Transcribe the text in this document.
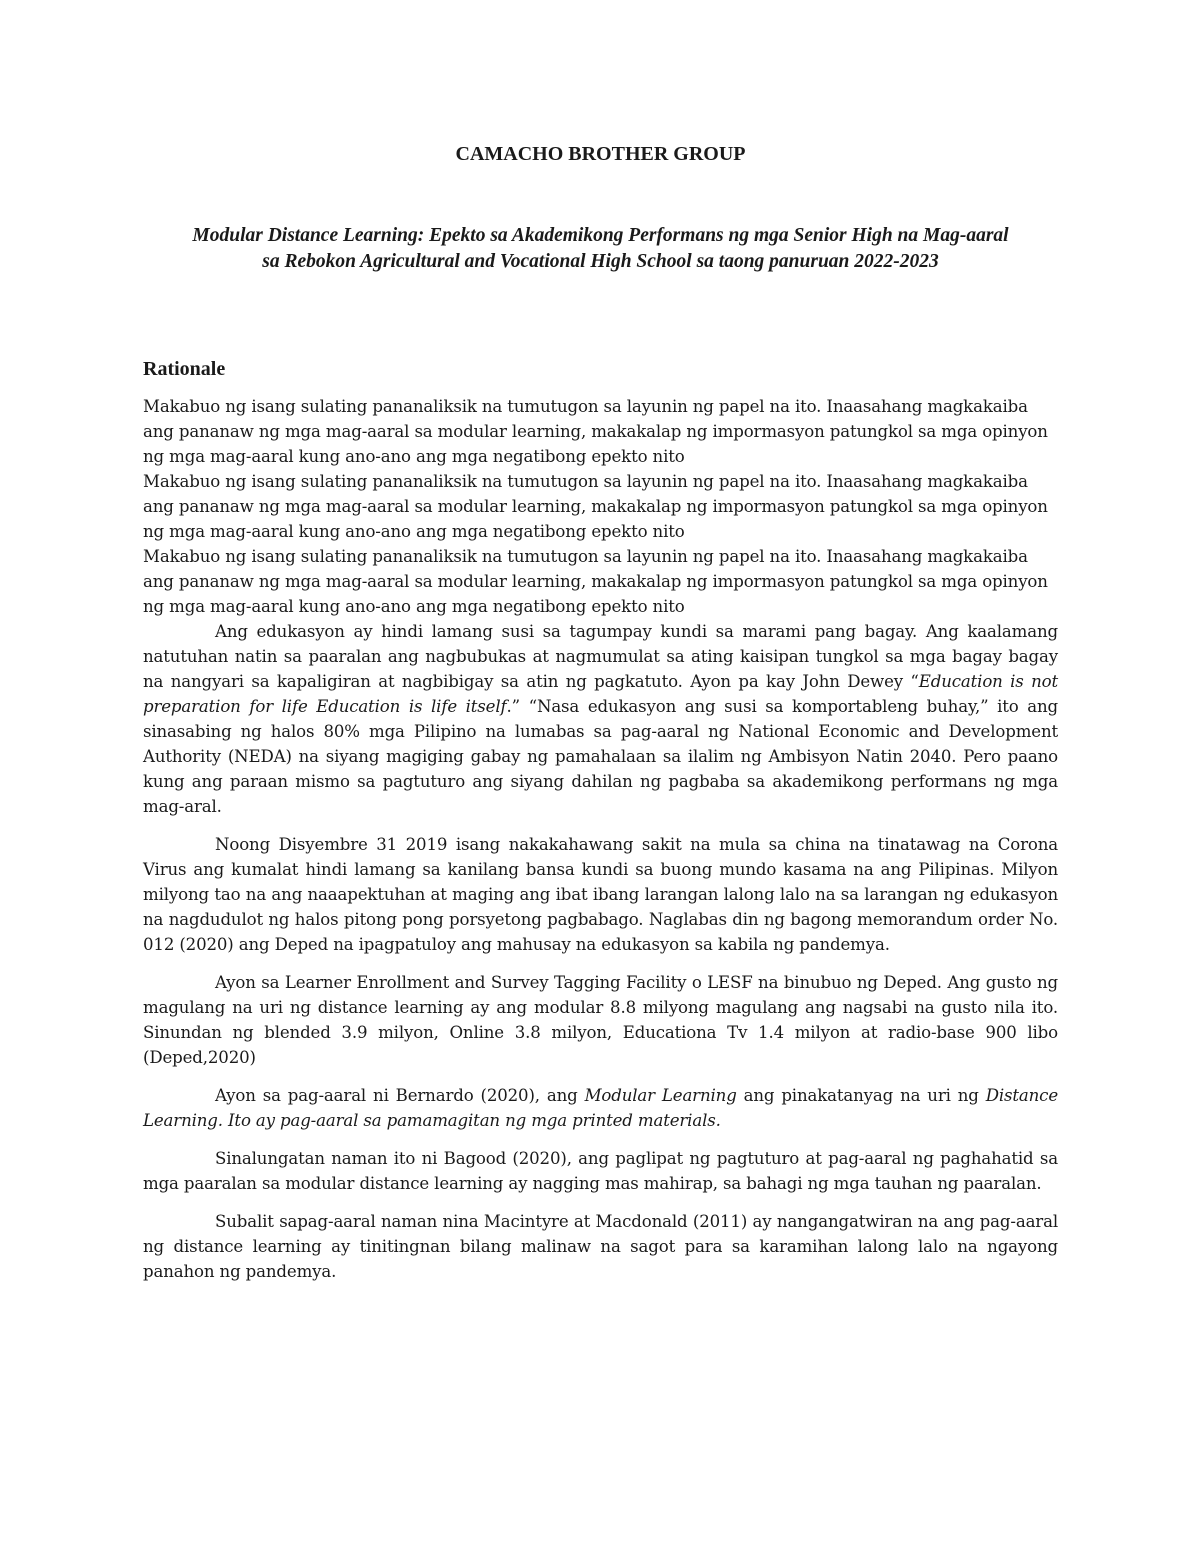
CAMACHO BROTHER GROUP
Modular Distance Learning: Epekto sa Akademikong Performans ng mga Senior High na Mag-aaral
sa Rebokon Agricultural and Vocational High School sa taong panuruan 2022-2023
Rationale

Makabuo ng isang sulating pananaliksik na tumutugon sa layunin ng papel na ito. Inaasahang magkakaiba ang pananaw ng mga mag-aaral sa modular learning, makakalap ng impormasyon patungkol sa mga opinyon ng mga mag-aaral kung ano-ano ang mga negatibong epekto nito

Makabuo ng isang sulating pananaliksik na tumutugon sa layunin ng papel na ito. Inaasahang magkakaiba ang pananaw ng mga mag-aaral sa modular learning, makakalap ng impormasyon patungkol sa mga opinyon ng mga mag-aaral kung ano-ano ang mga negatibong epekto nito

Makabuo ng isang sulating pananaliksik na tumutugon sa layunin ng papel na ito. Inaasahang magkakaiba ang pananaw ng mga mag-aaral sa modular learning, makakalap ng impormasyon patungkol sa mga opinyon ng mga mag-aaral kung ano-ano ang mga negatibong epekto nito

Ang edukasyon ay hindi lamang susi sa tagumpay kundi sa marami pang bagay. Ang kaalamang natutuhan natin sa paaralan ang nagbubukas at nagmumulat sa ating kaisipan tungkol sa mga bagay bagay na nangyari sa kapaligiran at nagbibigay sa atin ng pagkatuto. Ayon pa kay John Dewey “Education is not preparation for life Education is life itself.” “Nasa edukasyon ang susi sa komportableng buhay,” ito ang sinasabing ng halos 80% mga Pilipino na lumabas sa pag-aaral ng National Economic and Development Authority (NEDA) na siyang magiging gabay ng pamahalaan sa ilalim ng Ambisyon Natin 2040. Pero paano kung ang paraan mismo sa pagtuturo ang siyang dahilan ng pagbaba sa akademikong performans ng mga mag-aral.

Noong Disyembre 31 2019 isang nakakahawang sakit na mula sa china na tinatawag na Corona Virus ang kumalat hindi lamang sa kanilang bansa kundi sa buong mundo kasama na ang Pilipinas. Milyon milyong tao na ang naaapektuhan at maging ang ibat ibang larangan lalong lalo na sa larangan ng edukasyon na nagdudulot ng halos pitong pong porsyetong pagbabago. Naglabas din ng bagong memorandum order No. 012 (2020) ang Deped na ipagpatuloy ang mahusay na edukasyon sa kabila ng pandemya.

Ayon sa Learner Enrollment and Survey Tagging Facility o LESF na binubuo ng Deped. Ang gusto ng magulang na uri ng distance learning ay ang modular 8.8 milyong magulang ang nagsabi na gusto nila ito. Sinundan ng blended 3.9 milyon, Online 3.8 milyon, Educationa Tv 1.4 milyon at radio-base 900 libo (Deped,2020)

Ayon sa pag-aaral ni Bernardo (2020), ang Modular Learning ang pinakatanyag na uri ng Distance Learning. Ito ay pag-aaral sa pamamagitan ng mga printed materials.

Sinalungatan naman ito ni Bagood (2020), ang paglipat ng pagtuturo at pag-aaral ng paghahatid sa mga paaralan sa modular distance learning ay nagging mas mahirap, sa bahagi ng mga tauhan ng paaralan.

Subalit sapag-aaral naman nina Macintyre at Macdonald (2011) ay nangangatwiran na ang pag-aaral ng distance learning ay tinitingnan bilang malinaw na sagot para sa karamihan lalong lalo na ngayong panahon ng pandemya.
